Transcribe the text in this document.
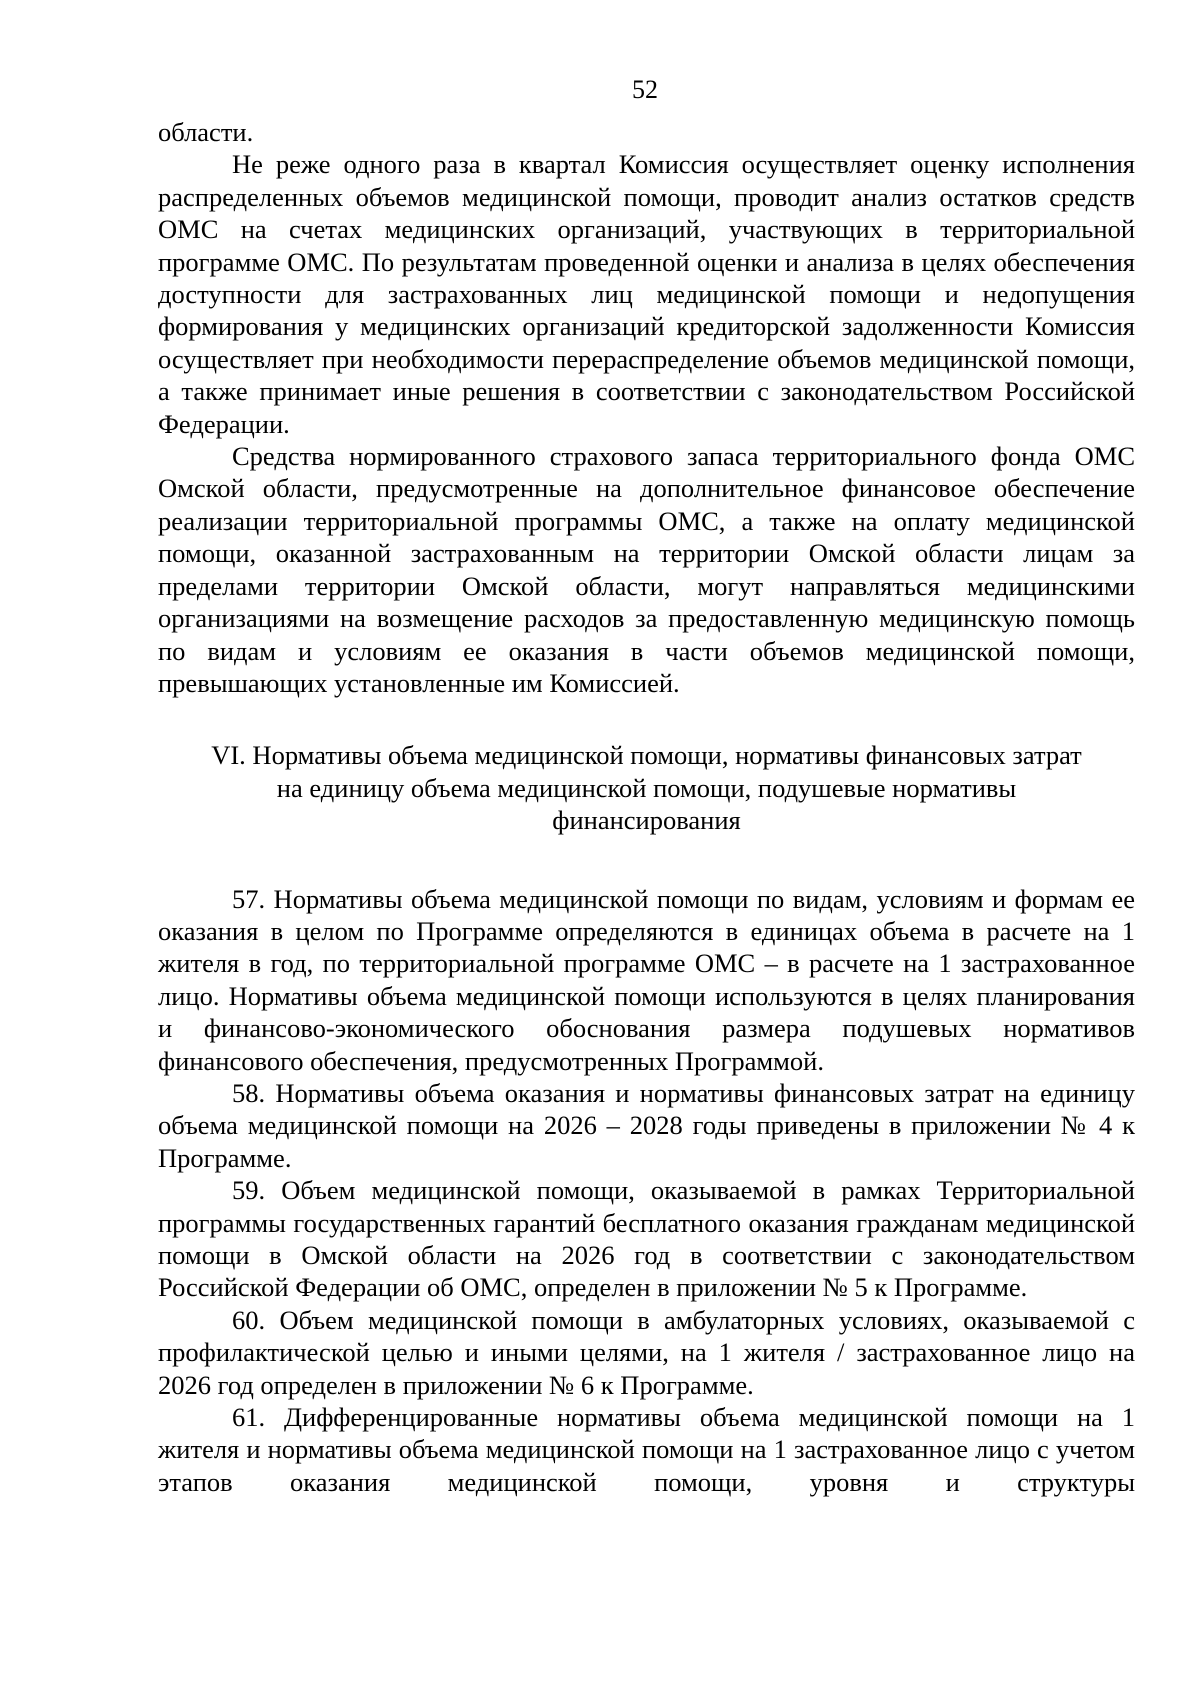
52

области.

Не реже одного раза в квартал Комиссия осуществляет оценку исполнения распределенных объемов медицинской помощи, проводит анализ остатков средств ОМС на счетах медицинских организаций, участвующих в территориальной программе ОМС. По результатам проведенной оценки и анализа в целях обеспечения доступности для застрахованных лиц медицинской помощи и недопущения формирования у медицинских организаций кредиторской задолженности Комиссия осуществляет при необходимости перераспределение объемов медицинской помощи, а также принимает иные решения в соответствии с законодательством Российской Федерации.

Средства нормированного страхового запаса территориального фонда ОМС Омской области, предусмотренные на дополнительное финансовое обеспечение реализации территориальной программы ОМС, а также на оплату медицинской помощи, оказанной застрахованным на территории Омской области лицам за пределами территории Омской области, могут направляться медицинскими организациями на возмещение расходов за предоставленную медицинскую помощь по видам и условиям ее оказания в части объемов медицинской помощи, превышающих установленные им Комиссией.

VI. Нормативы объема медицинской помощи, нормативы финансовых затрат
на единицу объема медицинской помощи, подушевые нормативы
финансирования

57. Нормативы объема медицинской помощи по видам, условиям и формам ее оказания в целом по Программе определяются в единицах объема в расчете на 1 жителя в год, по территориальной программе ОМС – в расчете на 1 застрахованное лицо. Нормативы объема медицинской помощи используются в целях планирования и финансово-экономического обоснования размера подушевых нормативов финансового обеспечения, предусмотренных Программой.

58. Нормативы объема оказания и нормативы финансовых затрат на единицу объема медицинской помощи на 2026 – 2028 годы приведены в приложении № 4 к Программе.

59. Объем медицинской помощи, оказываемой в рамках Территориальной программы государственных гарантий бесплатного оказания гражданам медицинской помощи в Омской области на 2026 год в соответствии с законодательством Российской Федерации об ОМС, определен в приложении № 5 к Программе.

60. Объем медицинской помощи в амбулаторных условиях, оказываемой с профилактической целью и иными целями, на 1 жителя / застрахованное лицо на 2026 год определен в приложении № 6 к Программе.

61. Дифференцированные нормативы объема медицинской помощи на 1 жителя и нормативы объема медицинской помощи на 1 застрахованное лицо с учетом этапов оказания медицинской помощи, уровня и структуры
